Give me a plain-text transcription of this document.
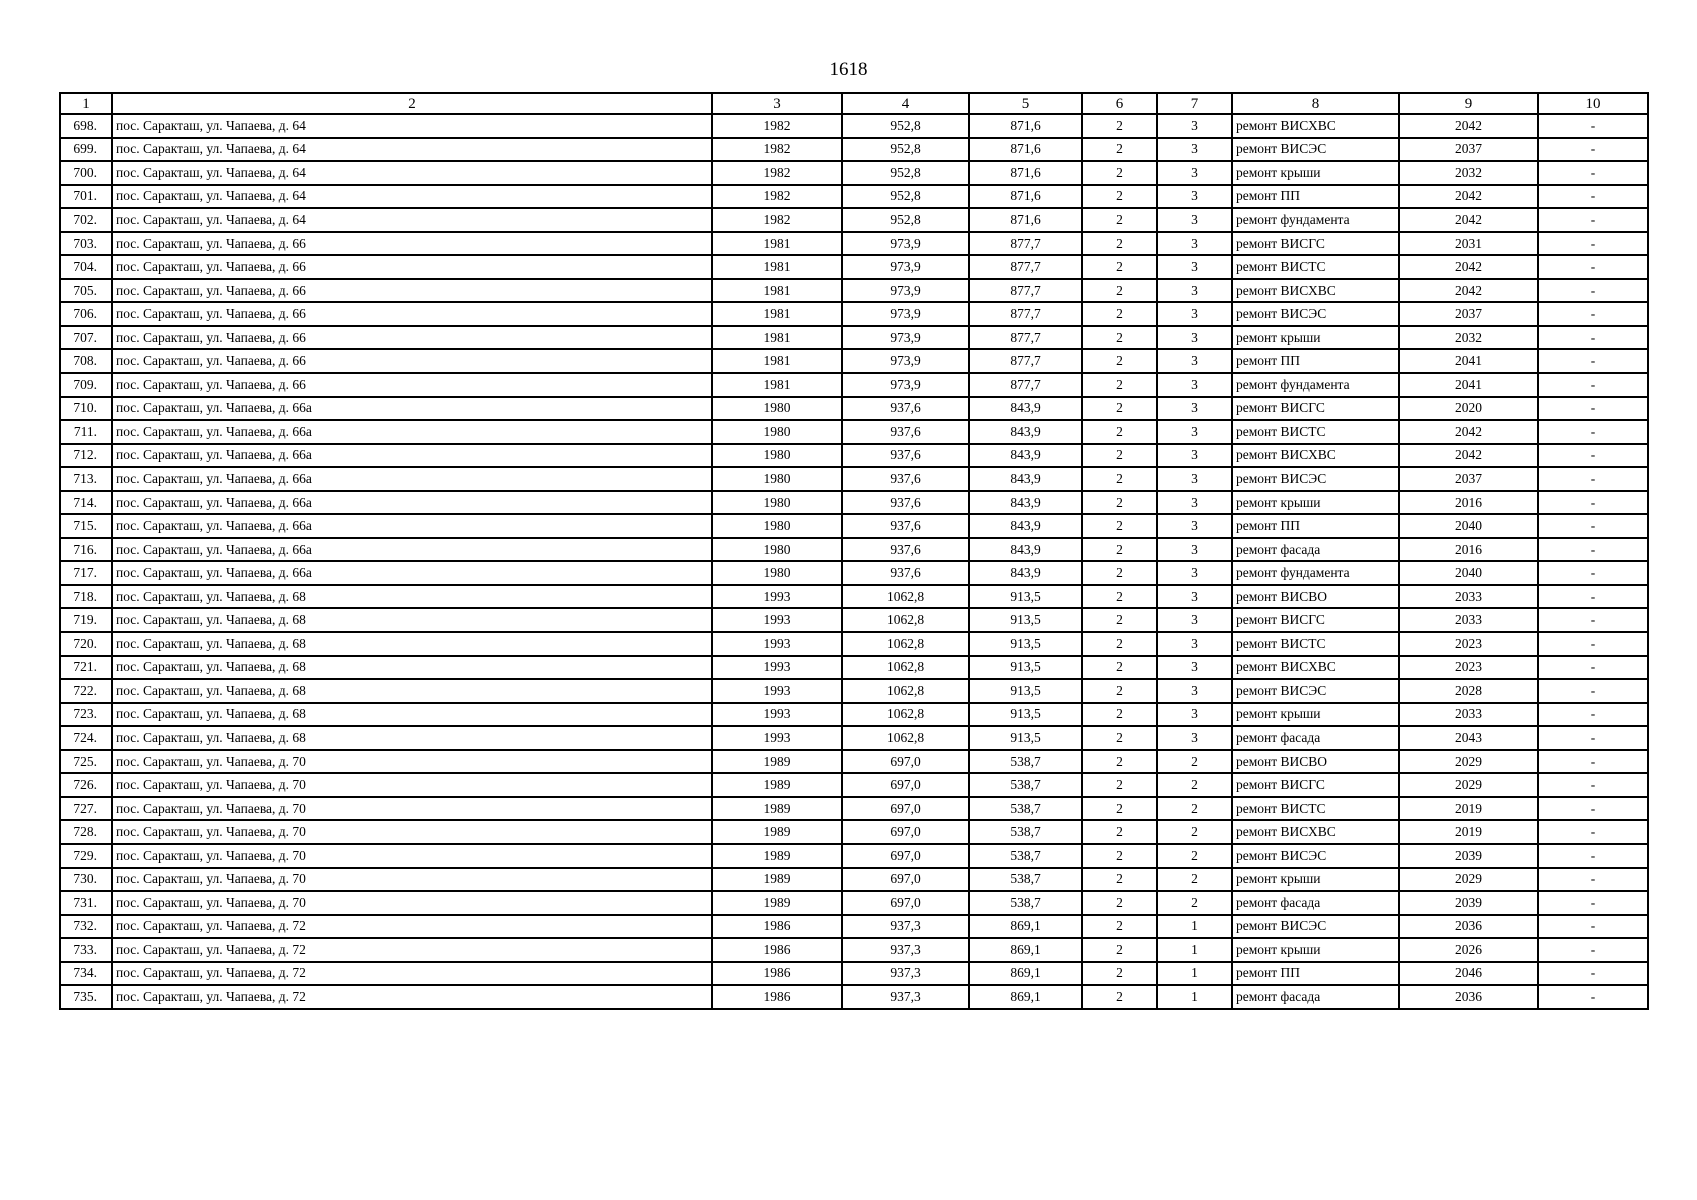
1618
1	2	3	4	5	6	7	8	9	10
698.	пос. Саракташ, ул. Чапаева, д. 64	1982	952,8	871,6	2	3	ремонт ВИСХВС	2042	-
699.	пос. Саракташ, ул. Чапаева, д. 64	1982	952,8	871,6	2	3	ремонт ВИСЭС	2037	-
700.	пос. Саракташ, ул. Чапаева, д. 64	1982	952,8	871,6	2	3	ремонт крыши	2032	-
701.	пос. Саракташ, ул. Чапаева, д. 64	1982	952,8	871,6	2	3	ремонт ПП	2042	-
702.	пос. Саракташ, ул. Чапаева, д. 64	1982	952,8	871,6	2	3	ремонт фундамента	2042	-
703.	пос. Саракташ, ул. Чапаева, д. 66	1981	973,9	877,7	2	3	ремонт ВИСГС	2031	-
704.	пос. Саракташ, ул. Чапаева, д. 66	1981	973,9	877,7	2	3	ремонт ВИСТС	2042	-
705.	пос. Саракташ, ул. Чапаева, д. 66	1981	973,9	877,7	2	3	ремонт ВИСХВС	2042	-
706.	пос. Саракташ, ул. Чапаева, д. 66	1981	973,9	877,7	2	3	ремонт ВИСЭС	2037	-
707.	пос. Саракташ, ул. Чапаева, д. 66	1981	973,9	877,7	2	3	ремонт крыши	2032	-
708.	пос. Саракташ, ул. Чапаева, д. 66	1981	973,9	877,7	2	3	ремонт ПП	2041	-
709.	пос. Саракташ, ул. Чапаева, д. 66	1981	973,9	877,7	2	3	ремонт фундамента	2041	-
710.	пос. Саракташ, ул. Чапаева, д. 66а	1980	937,6	843,9	2	3	ремонт ВИСГС	2020	-
711.	пос. Саракташ, ул. Чапаева, д. 66а	1980	937,6	843,9	2	3	ремонт ВИСТС	2042	-
712.	пос. Саракташ, ул. Чапаева, д. 66а	1980	937,6	843,9	2	3	ремонт ВИСХВС	2042	-
713.	пос. Саракташ, ул. Чапаева, д. 66а	1980	937,6	843,9	2	3	ремонт ВИСЭС	2037	-
714.	пос. Саракташ, ул. Чапаева, д. 66а	1980	937,6	843,9	2	3	ремонт крыши	2016	-
715.	пос. Саракташ, ул. Чапаева, д. 66а	1980	937,6	843,9	2	3	ремонт ПП	2040	-
716.	пос. Саракташ, ул. Чапаева, д. 66а	1980	937,6	843,9	2	3	ремонт фасада	2016	-
717.	пос. Саракташ, ул. Чапаева, д. 66а	1980	937,6	843,9	2	3	ремонт фундамента	2040	-
718.	пос. Саракташ, ул. Чапаева, д. 68	1993	1062,8	913,5	2	3	ремонт ВИСВО	2033	-
719.	пос. Саракташ, ул. Чапаева, д. 68	1993	1062,8	913,5	2	3	ремонт ВИСГС	2033	-
720.	пос. Саракташ, ул. Чапаева, д. 68	1993	1062,8	913,5	2	3	ремонт ВИСТС	2023	-
721.	пос. Саракташ, ул. Чапаева, д. 68	1993	1062,8	913,5	2	3	ремонт ВИСХВС	2023	-
722.	пос. Саракташ, ул. Чапаева, д. 68	1993	1062,8	913,5	2	3	ремонт ВИСЭС	2028	-
723.	пос. Саракташ, ул. Чапаева, д. 68	1993	1062,8	913,5	2	3	ремонт крыши	2033	-
724.	пос. Саракташ, ул. Чапаева, д. 68	1993	1062,8	913,5	2	3	ремонт фасада	2043	-
725.	пос. Саракташ, ул. Чапаева, д. 70	1989	697,0	538,7	2	2	ремонт ВИСВО	2029	-
726.	пос. Саракташ, ул. Чапаева, д. 70	1989	697,0	538,7	2	2	ремонт ВИСГС	2029	-
727.	пос. Саракташ, ул. Чапаева, д. 70	1989	697,0	538,7	2	2	ремонт ВИСТС	2019	-
728.	пос. Саракташ, ул. Чапаева, д. 70	1989	697,0	538,7	2	2	ремонт ВИСХВС	2019	-
729.	пос. Саракташ, ул. Чапаева, д. 70	1989	697,0	538,7	2	2	ремонт ВИСЭС	2039	-
730.	пос. Саракташ, ул. Чапаева, д. 70	1989	697,0	538,7	2	2	ремонт крыши	2029	-
731.	пос. Саракташ, ул. Чапаева, д. 70	1989	697,0	538,7	2	2	ремонт фасада	2039	-
732.	пос. Саракташ, ул. Чапаева, д. 72	1986	937,3	869,1	2	1	ремонт ВИСЭС	2036	-
733.	пос. Саракташ, ул. Чапаева, д. 72	1986	937,3	869,1	2	1	ремонт крыши	2026	-
734.	пос. Саракташ, ул. Чапаева, д. 72	1986	937,3	869,1	2	1	ремонт ПП	2046	-
735.	пос. Саракташ, ул. Чапаева, д. 72	1986	937,3	869,1	2	1	ремонт фасада	2036	-
